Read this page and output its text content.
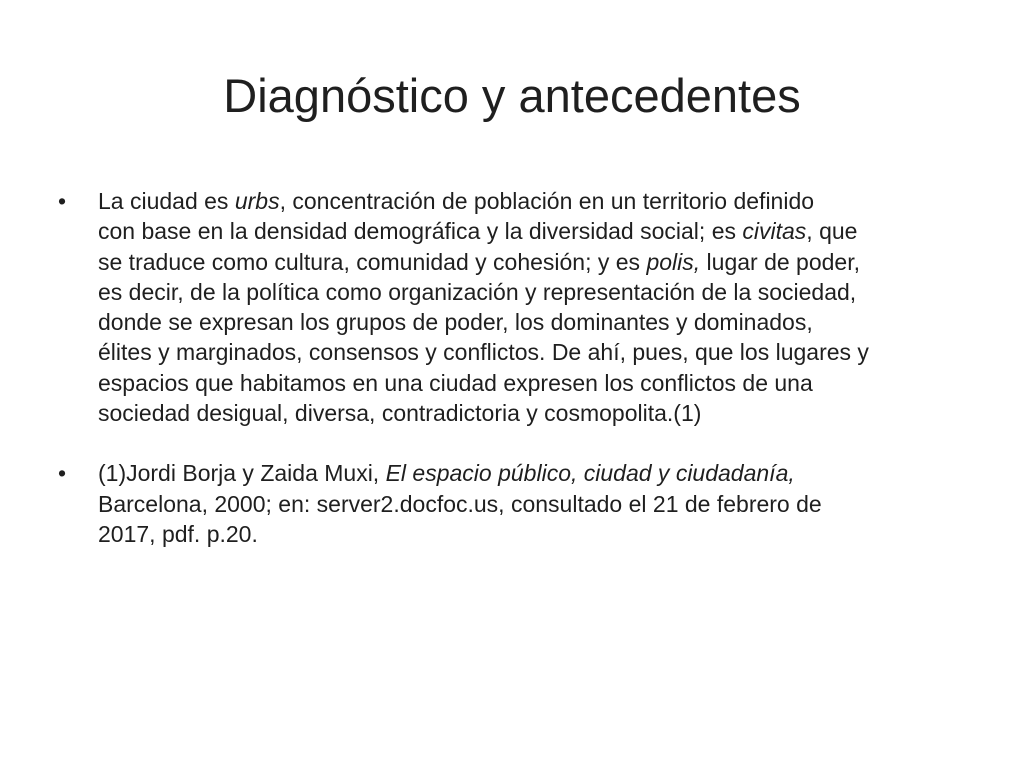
Diagnóstico y antecedentes
•	La ciudad es urbs, concentración de población en un territorio definido
con base en la densidad demográfica y la diversidad social; es civitas, que
se traduce como cultura, comunidad y cohesión; y es polis, lugar de poder,
es decir, de la política como organización y representación de la sociedad,
donde se expresan los grupos de poder, los dominantes y dominados,
élites y marginados, consensos y conflictos. De ahí, pues, que los lugares y
espacios que habitamos en una ciudad expresen los conflictos de una
sociedad desigual, diversa, contradictoria y cosmopolita.(1)
•	(1)Jordi Borja y Zaida Muxi, El espacio público, ciudad y ciudadanía,
Barcelona, 2000; en: server2.docfoc.us, consultado el 21 de febrero de
2017, pdf. p.20.
